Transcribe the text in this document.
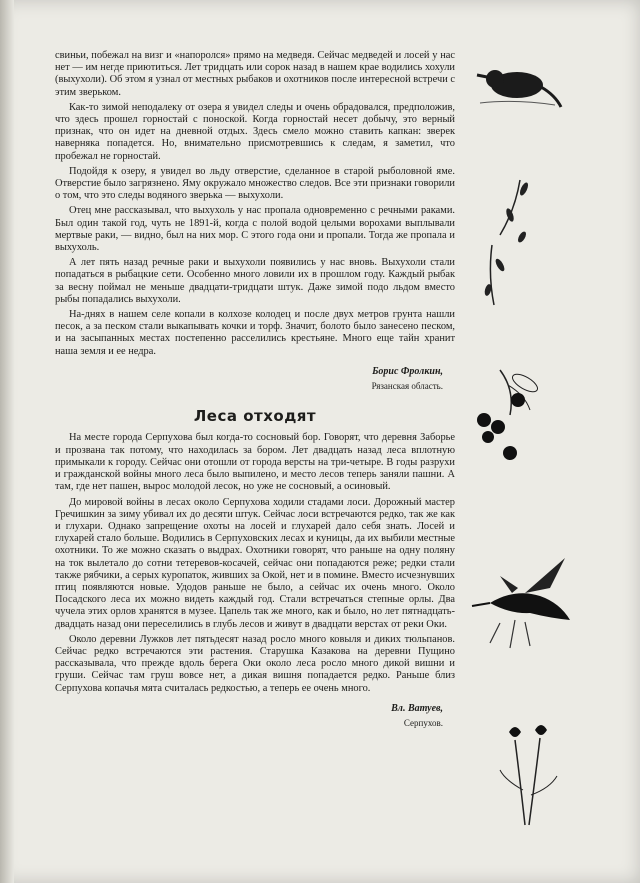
свиньи, побежал на визг и «напоролся» прямо на медведя. Сейчас медведей и лосей у нас нет — им негде приютиться. Лет тридцать или сорок назад в нашем крае водились хохули (выхухоли). Об этом я узнал от местных рыбаков и охотников после интересной встречи с этим зверьком.

Как-то зимой неподалеку от озера я увидел следы и очень обрадовался, предположив, что здесь прошел горностай с поноской. Когда горностай несет добычу, это верный признак, что он идет на дневной отдых. Здесь смело можно ставить капкан: зверек наверняка попадется. Но, внимательно присмотревшись к следам, я заметил, что пробежал не горностай.

Подойдя к озеру, я увидел во льду отверстие, сделанное в старой рыболовной яме. Отверстие было загрязнено. Яму окружало множество следов. Все эти признаки говорили о том, что это следы водяного зверька — выхухоли.

Отец мне рассказывал, что выхухоль у нас пропала одновременно с речными раками. Был один такой год, чуть не 1891-й, когда с полой водой целыми ворохами выплывали мертвые раки, — видно, был на них мор. С этого года они и пропали. Тогда же пропала и выхухоль.

А лет пять назад речные раки и выхухоли появились у нас вновь. Выхухоли стали попадаться в рыбацкие сети. Особенно много ловили их в прошлом году. Каждый рыбак за весну поймал не меньше двадцати-тридцати штук. Даже зимой подо льдом вместо рыбы попадались выхухоли.

На-днях в нашем селе копали в колхозе колодец и после двух метров грунта нашли песок, а за песком стали выкапывать кочки и торф. Значит, болото было занесено песком, и на засыпанных местах постепенно расселились крестьяне. Много еще тайн хранит наша земля и ее недра.

Борис Фролкин,
Рязанская область.
Леса отходят

На месте города Серпухова был когда-то сосновый бор. Говорят, что деревня Заборье и прозвана так потому, что находилась за бором. Лет двадцать назад леса вплотную примыкали к городу. Сейчас они отошли от города версты на три-четыре. В годы разрухи и гражданской войны много леса было выпилено, и место лесов теперь заняли пашни. А там, где нет пашен, вырос молодой лесок, но уже не сосновый, а осиновый.

До мировой войны в лесах около Серпухова ходили стадами лоси. Дорожный мастер Гречишкин за зиму убивал их до десяти штук. Сейчас лоси встречаются редко, так же как и глухари. Однако запрещение охоты на лосей и глухарей дало себя знать. Лосей и глухарей стало больше. Водились в Серпуховских лесах и куницы, да их выбили местные охотники. То же можно сказать о выдрах. Охотники говорят, что раньше на одну поляну на ток вылетало до сотни тетеревов-косачей, сейчас они попадаются реже; редки стали также рябчики, а серых куропаток, живших за Окой, нет и в помине. Вместо исчезнувших птиц появляются новые. Удодов раньше не было, а сейчас их очень много. Около Посадского леса их можно видеть каждый год. Стали встречаться степные орлы. Два чучела этих орлов хранятся в музее. Цапель так же много, как и было, но лет пятнадцать-двадцать назад они переселились в глубь лесов и живут в двадцати верстах от реки Оки.

Около деревни Лужков лет пятьдесят назад росло много ковыля и диких тюльпанов. Сейчас редко встречаются эти растения. Старушка Казакова на деревни Пущино рассказывала, что прежде вдоль берега Оки около леса росло много дикой вишни и груши. Сейчас там груш вовсе нет, а дикая вишня попадается редко. Раньше близ Серпухова копачья мята считалась редкостью, а теперь ее очень много.

Вл. Ватуев,
Серпухов.
